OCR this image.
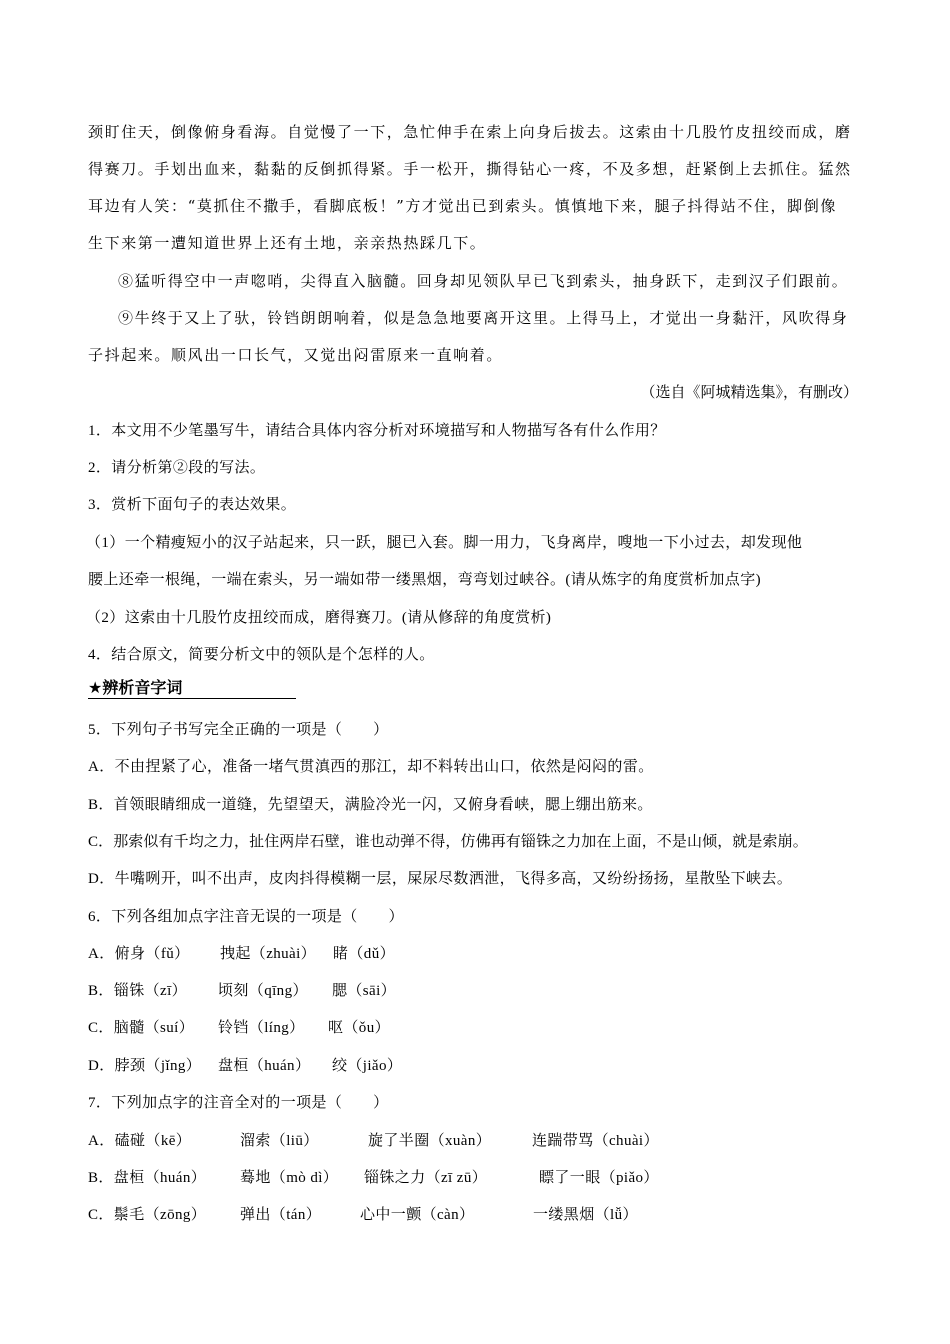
颈盯住天，倒像俯身看海。自觉慢了一下，急忙伸手在索上向身后拔去。这索由十几股竹皮扭绞而成，磨
得赛刀。手划出血来，黏黏的反倒抓得紧。手一松开，撕得钻心一疼，不及多想，赶紧倒上去抓住。猛然
耳边有人笑：“莫抓住不撒手，看脚底板！”方才觉出已到索头。慎慎地下来，腿子抖得站不住，脚倒像
生下来第一遭知道世界上还有土地，亲亲热热踩几下。
⑧猛听得空中一声唿哨，尖得直入脑髓。回身却见领队早已飞到索头，抽身跃下，走到汉子们跟前。
⑨牛终于又上了驮，铃铛朗朗响着，似是急急地要离开这里。上得马上，才觉出一身黏汗，风吹得身
子抖起来。顺风出一口长气，又觉出闷雷原来一直响着。
（选自《阿城精选集》，有删改）
1．本文用不少笔墨写牛，请结合具体内容分析对环境描写和人物描写各有什么作用？
2．请分析第②段的写法。
3．赏析下面句子的表达效果。
（1）一个精瘦短小的汉子站起来，只一跃，腿已入套。脚一用力，飞身离岸，嗖地一下小过去，却发现他
腰上还牵一根绳，一端在索头，另一端如带一缕黑烟，弯弯划过峡谷。(请从炼字的角度赏析加点字)
（2）这索由十几股竹皮扭绞而成，磨得赛刀。(请从修辞的角度赏析)
4．结合原文，简要分析文中的领队是个怎样的人。
★辨析音字词
5．下列句子书写完全正确的一项是（　　）
A．不由捏紧了心，准备一堵气贯滇西的那江，却不料转出山口，依然是闷闷的雷。
B．首领眼睛细成一道缝，先望望天，满脸冷光一闪，又俯身看峡，腮上绷出筋来。
C．那索似有千均之力，扯住两岸石壁，谁也动弹不得，仿佛再有锱铢之力加在上面，不是山倾，就是索崩。
D．牛嘴咧开，叫不出声，皮肉抖得模糊一层，屎尿尽数洒泄，飞得多高，又纷纷扬扬，星散坠下峡去。
6．下列各组加点字注音无误的一项是（　　）
A．俯身（fǔ） 拽起（zhuài） 睹（dǔ）
B．锱铢（zī） 顷刻（qīng） 腮（sāi）
C．脑髓（suí） 铃铛（líng） 呕（ǒu）
D．脖颈（jǐng） 盘桓（huán） 绞（jiǎo）
7．下列加点字的注音全对的一项是（　　）
A．磕碰（kē）	溜索（liū）	旋了半圈（xuàn）	连踹带骂（chuài）
B．盘桓（huán） 蓦地（mò dì） 锱铢之力（zī zū）	瞟了一眼（piǎo）
C．鬃毛（zōng） 弹出（tán）	心中一颤（càn）	一缕黑烟（lǚ）
